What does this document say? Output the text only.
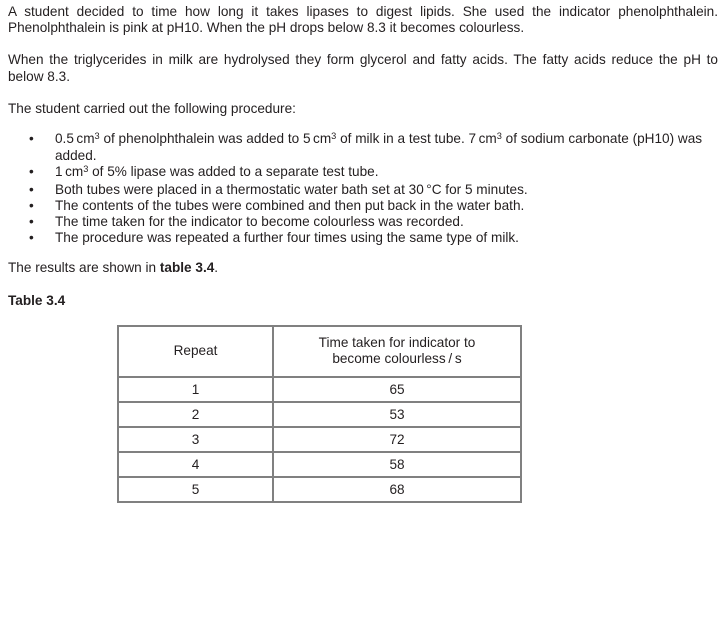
A student decided to time how long it takes lipases to digest lipids. She used the indicator phenolphthalein. Phenolphthalein is pink at pH10. When the pH drops below 8.3 it becomes colourless.

When the triglycerides in milk are hydrolysed they form glycerol and fatty acids. The fatty acids reduce the pH to below 8.3.

The student carried out the following procedure:

• 0.5 $cm^3$ of phenolphthalein was added to 5 $cm^3$ of milk in a test tube. 7 $cm^3$ of sodium carbonate (pH10) was added.
• 1 $cm^3$ of 5% lipase was added to a separate test tube.
• Both tubes were placed in a thermostatic water bath set at 30 °C for 5 minutes.
• The contents of the tubes were combined and then put back in the water bath.
• The time taken for the indicator to become colourless was recorded.
• The procedure was repeated a further four times using the same type of milk.

The results are shown in table 3.4.

Table 3.4
Repeat	Time taken for indicator to
become colourless / s
1	65
2	53
3	72
4	58
5	68
